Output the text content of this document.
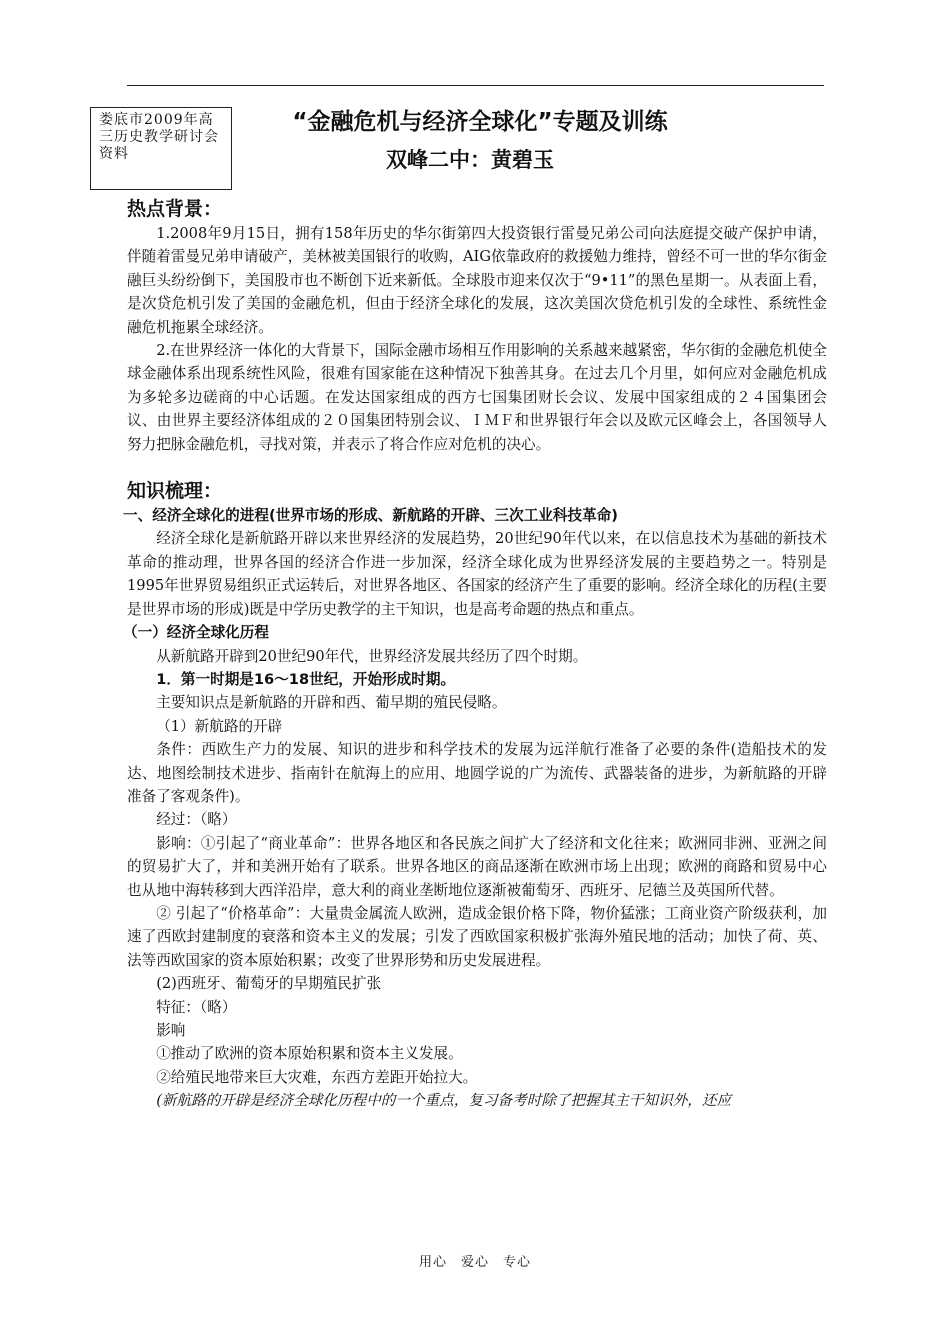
娄底市2009年高三历史教学研讨会资料
“金融危机与经济全球化”专题及训练
双峰二中：黄碧玉

热点背景：

1.2008年9月15日，拥有158年历史的华尔街第四大投资银行雷曼兄弟公司向法庭提交破产保护申请，伴随着雷曼兄弟申请破产，美林被美国银行的收购，AIG依靠政府的救援勉力维持，曾经不可一世的华尔街金融巨头纷纷倒下，美国股市也不断创下近来新低。全球股市迎来仅次于“9•11”的黑色星期一。从表面上看，是次贷危机引发了美国的金融危机，但由于经济全球化的发展，这次美国次贷危机引发的全球性、系统性金融危机拖累全球经济。

2.在世界经济一体化的大背景下，国际金融市场相互作用影响的关系越来越紧密，华尔街的金融危机使全球金融体系出现系统性风险，很难有国家能在这种情况下独善其身。在过去几个月里，如何应对金融危机成为多轮多边磋商的中心话题。在发达国家组成的西方七国集团财长会议、发展中国家组成的２４国集团会议、由世界主要经济体组成的２０国集团特别会议、ＩＭＦ和世界银行年会以及欧元区峰会上，各国领导人努力把脉金融危机，寻找对策，并表示了将合作应对危机的决心。

知识梳理：

一、经济全球化的进程(世界市场的形成、新航路的开辟、三次工业科技革命)

经济全球化是新航路开辟以来世界经济的发展趋势，20世纪90年代以来，在以信息技术为基础的新技术革命的推动理，世界各国的经济合作进一步加深，经济全球化成为世界经济发展的主要趋势之一。特别是1995年世界贸易组织正式运转后，对世界各地区、各国家的经济产生了重要的影响。经济全球化的历程(主要是世界市场的形成)既是中学历史教学的主干知识，也是高考命题的热点和重点。

（一）经济全球化历程

从新航路开辟到20世纪90年代，世界经济发展共经历了四个时期。

1．第一时期是16～18世纪，开始形成时期。

主要知识点是新航路的开辟和西、葡早期的殖民侵略。

（1）新航路的开辟

条件：西欧生产力的发展、知识的进步和科学技术的发展为远洋航行准备了必要的条件(造船技术的发达、地图绘制技术进步、指南针在航海上的应用、地圆学说的广为流传、武器装备的进步，为新航路的开辟准备了客观条件)。

经过：（略）

影响：①引起了“商业革命”：世界各地区和各民族之间扩大了经济和文化往来；欧洲同非洲、亚洲之间的贸易扩大了，并和美洲开始有了联系。世界各地区的商品逐渐在欧洲市场上出现；欧洲的商路和贸易中心也从地中海转移到大西洋沿岸，意大利的商业垄断地位逐渐被葡萄牙、西班牙、尼德兰及英国所代替。

② 引起了“价格革命”：大量贵金属流人欧洲，造成金银价格下降，物价猛涨；工商业资产阶级获利，加速了西欧封建制度的衰落和资本主义的发展；引发了西欧国家积极扩张海外殖民地的活动；加快了荷、英、法等西欧国家的资本原始积累；改变了世界形势和历史发展进程。

(2)西班牙、葡萄牙的早期殖民扩张

特征：（略）

影响

①推动了欧洲的资本原始积累和资本主义发展。

②给殖民地带来巨大灾难，东西方差距开始拉大。

(新航路的开辟是经济全球化历程中的一个重点，复习备考时除了把握其主干知识外，还应

用心　爱心　专心
